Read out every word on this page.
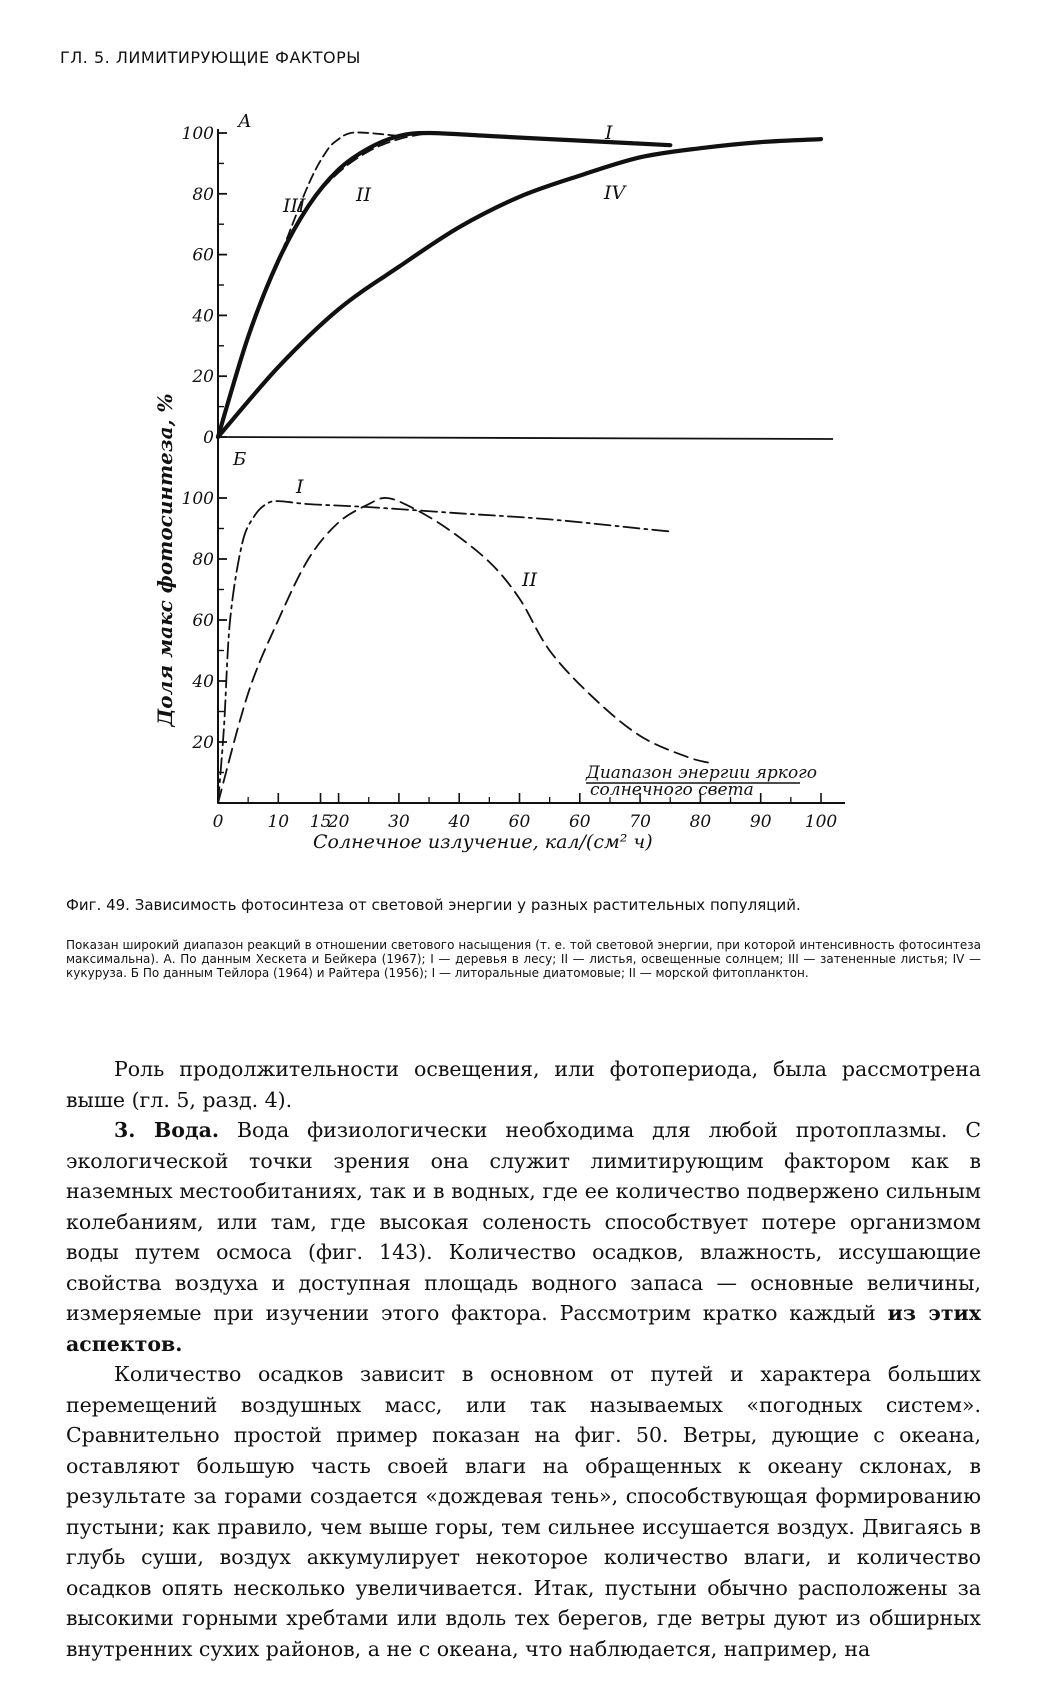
ГЛ. 5. ЛИМИТИРУЮЩИЕ ФАКТОРЫ
100
80
60
40
20
0
100
80
60
40
20
0	10 15
20 30 40 60 60 70 80 90 100
I
II
III
IV
I
II
А
Б
Диапазон энергии яркого
солнечного света
Солнечное излучение, кал/(см² ч)
Доля макс фотосинтеза, %
Фиг. 49. Зависимость фотосинтеза от световой энергии у разных растительных популяций.
Показан широкий диапазон реакций в отношении светового насыщения (т. е. той световой энергии, при которой интенсивность фотосинтеза максимальна). А. По данным Хескета и Бейкера (1967); I — деревья в лесу; II — листья, освещенные солнцем; III — затененные листья; IV — кукуруза. Б По данным Тейлора (1964) и Райтера (1956); I — литоральные диатомовые; II — морской фитопланктон.

Роль продолжительности освещения, или фотопериода, была рассмотрена выше (гл. 5, разд. 4).

3. Вода. Вода физиологически необходима для любой протоплазмы. С экологической точки зрения она служит лимитирующим фактором как в наземных местообитаниях, так и в водных, где ее количество подвержено сильным колебаниям, или там, где высокая соленость способствует потере организмом воды путем осмоса (фиг. 143). Количество осадков, влажность, иссушающие свойства воздуха и доступная площадь водного запаса — основные величины, измеряемые при изучении этого фактора. Рассмотрим кратко каждый из этих аспектов.

Количество осадков зависит в основном от путей и характера больших перемещений воздушных масс, или так называемых «погодных систем». Сравнительно простой пример показан на фиг. 50. Ветры, дующие с океана, оставляют большую часть своей влаги на обращенных к океану склонах, в результате за горами создается «дождевая тень», способствующая формированию пустыни; как правило, чем выше горы, тем сильнее иссушается воздух. Двигаясь в глубь суши, воздух аккумулирует некоторое количество влаги, и количество осадков опять несколько увеличивается. Итак, пустыни обычно расположены за высокими горными хребтами или вдоль тех берегов, где ветры дуют из обширных внутренних сухих районов, а не с океана, что наблюдается, например, на
